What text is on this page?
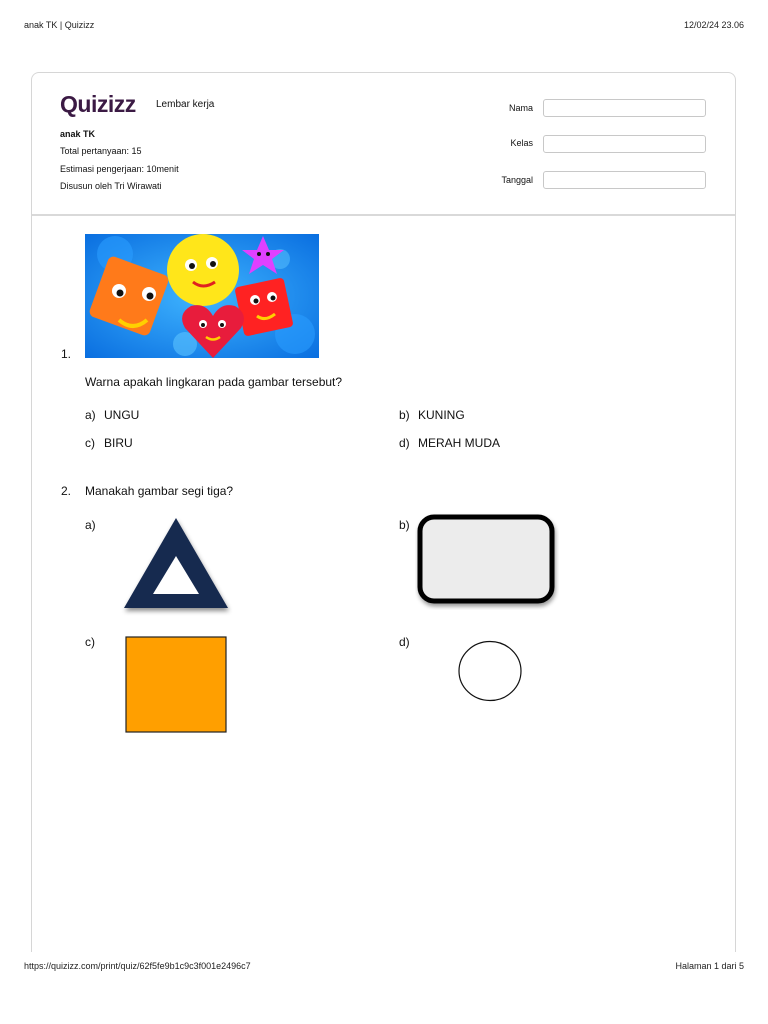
anak TK | Quizizz	12/02/24 23.06
Quizizz Lembar kerja
anak TK
Total pertanyaan: 15
Estimasi pengerjaan: 10menit
Disusun oleh Tri Wirawati
Nama
Kelas
Tanggal
1.
Warna apakah lingkaran pada gambar tersebut?
a) UNGU	b) KUNING
c) BIRU	d) MERAH MUDA
2. Manakah gambar segi tiga?
a)	b)
c)	d)
https://quizizz.com/print/quiz/62f5fe9b1c9c3f001e2496c7	Halaman 1 dari 5
